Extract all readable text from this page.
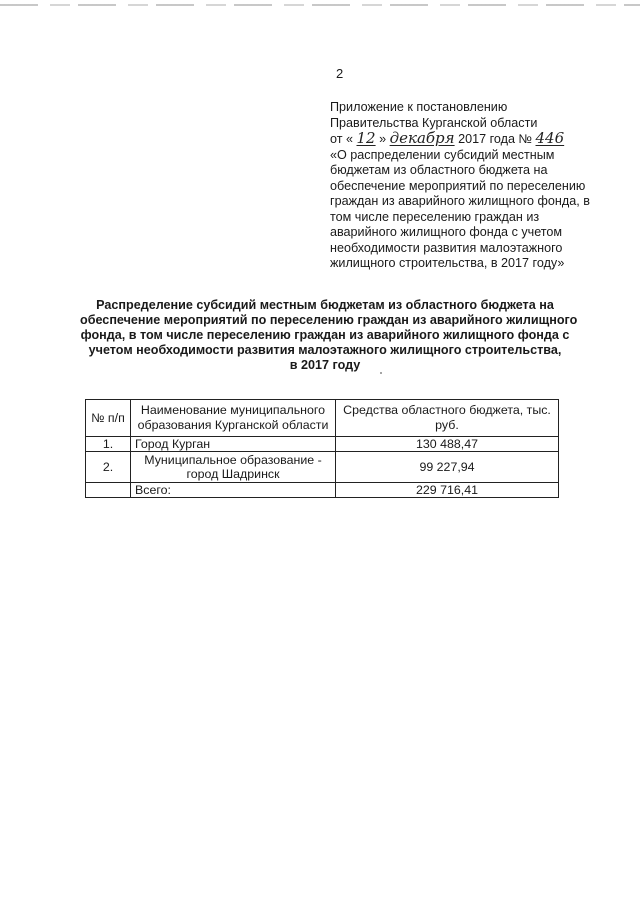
2
Приложение к постановлению
Правительства Курганской области
от « 12 » декабря 2017 года № 446
«О распределении субсидий местным
бюджетам из областного бюджета на
обеспечение мероприятий по переселению
граждан из аварийного жилищного фонда, в
том числе переселению граждан из
аварийного жилищного фонда с учетом
необходимости развития малоэтажного
жилищного строительства, в 2017 году»
Распределение субсидий местным бюджетам из областного бюджета на
обеспечение мероприятий по переселению граждан из аварийного жилищного
фонда, в том числе переселению граждан из аварийного жилищного фонда с
учетом необходимости развития малоэтажного жилищного строительства,
в 2017 году
№ п/п	Наименование муниципального образования Курганской области	Средства областного бюджета, тыс. руб.
1.	Город Курган	130 488,47
2.	Муниципальное образование - город Шадринск	99 227,94
	Всего:	229 716,41
